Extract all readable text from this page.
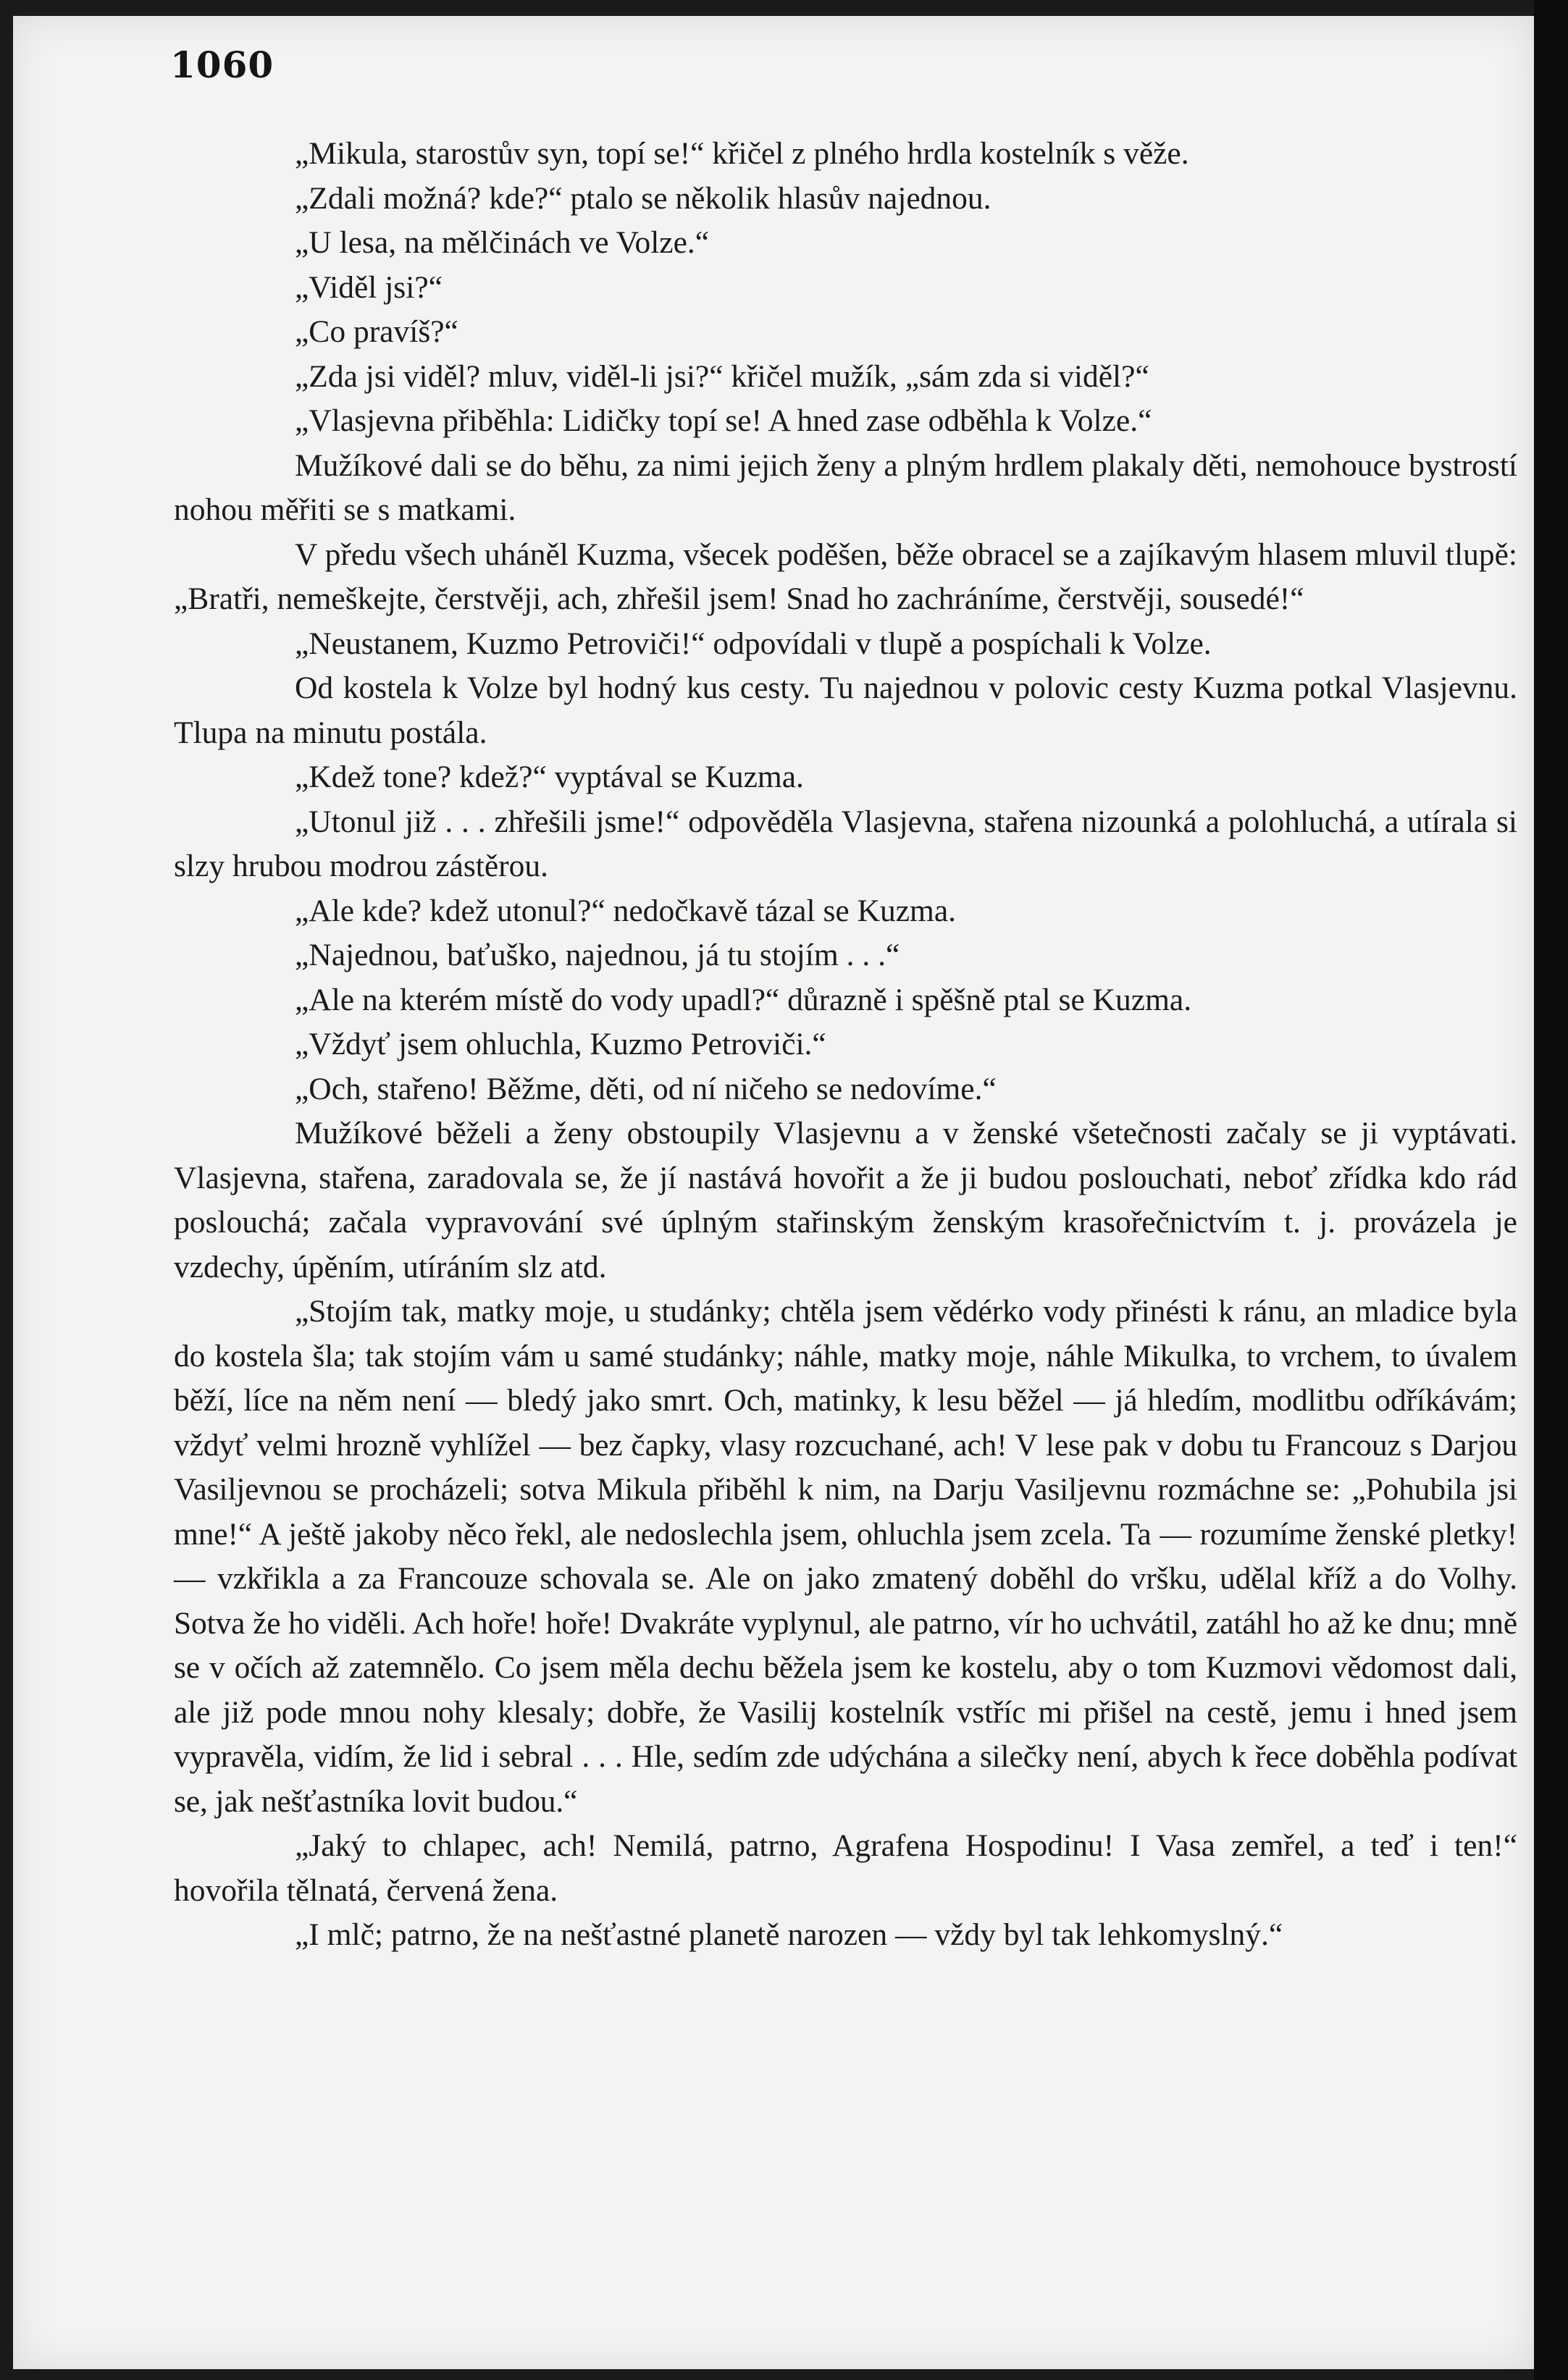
1060

„Mikula, starostův syn, topí se!“ křičel z plného hrdla kostelník s věže.

„Zdali možná? kde?“ ptalo se několik hlasův najednou.

„U lesa, na mělčinách ve Volze.“

„Viděl jsi?“

„Co pravíš?“

„Zda jsi viděl? mluv, viděl-li jsi?“ křičel mužík, „sám zda si viděl?“

„Vlasjevna přiběhla: Lidičky topí se! A hned zase odběhla k Volze.“

Mužíkové dali se do běhu, za nimi jejich ženy a plným hrdlem plakaly děti, nemohouce bystrostí nohou měřiti se s matkami.

V předu všech uháněl Kuzma, všecek poděšen, běže obracel se a zajíkavým hlasem mluvil tlupě: „Bratři, nemeškejte, čerstvěji, ach, zhřešil jsem! Snad ho zachráníme, čerstvěji, sousedé!“

„Neustanem, Kuzmo Petroviči!“ odpovídali v tlupě a pospíchali k Volze.

Od kostela k Volze byl hodný kus cesty. Tu najednou v polovic cesty Kuzma potkal Vlasjevnu. Tlupa na minutu postála.

„Kdež tone? kdež?“ vyptával se Kuzma.

„Utonul již . . . zhřešili jsme!“ odpověděla Vlasjevna, stařena nizounká a polohluchá, a utírala si slzy hrubou modrou zástěrou.

„Ale kde? kdež utonul?“ nedočkavě tázal se Kuzma.

„Najednou, baťuško, najednou, já tu stojím . . .“

„Ale na kterém místě do vody upadl?“ důrazně i spěšně ptal se Kuzma.

„Vždyť jsem ohluchla, Kuzmo Petroviči.“

„Och, stařeno! Běžme, děti, od ní ničeho se nedovíme.“

Mužíkové běželi a ženy obstoupily Vlasjevnu a v ženské všetečnosti začaly se ji vyptávati. Vlasjevna, stařena, zaradovala se, že jí nastává hovořit a že ji budou poslouchati, neboť zřídka kdo rád poslouchá; začala vypravování své úplným stařinským ženským krasořečnictvím t. j. provázela je vzdechy, úpěním, utíráním slz atd.

„Stojím tak, matky moje, u studánky; chtěla jsem vědérko vody přinésti k ránu, an mladice byla do kostela šla; tak stojím vám u samé studánky; náhle, matky moje, náhle Mikulka, to vrchem, to úvalem běží, líce na něm není — bledý jako smrt. Och, matinky, k lesu běžel — já hledím, modlitbu odříkávám; vždyť velmi hrozně vyhlížel — bez čapky, vlasy rozcuchané, ach! V lese pak v dobu tu Francouz s Darjou Vasiljevnou se procházeli; sotva Mikula přiběhl k nim, na Darju Vasiljevnu rozmáchne se: „Pohubila jsi mne!“ A ještě jakoby něco řekl, ale nedoslechla jsem, ohluchla jsem zcela. Ta — rozumíme ženské pletky! — vzkřikla a za Francouze schovala se. Ale on jako zmatený doběhl do vršku, udělal kříž a do Volhy. Sotva že ho viděli. Ach hoře! hoře! Dvakráte vyplynul, ale patrno, vír ho uchvátil, zatáhl ho až ke dnu; mně se v očích až zatemnělo. Co jsem měla dechu běžela jsem ke kostelu, aby o tom Kuzmovi vědomost dali, ale již pode mnou nohy klesaly; dobře, že Vasilij kostelník vstříc mi přišel na cestě, jemu i hned jsem vypravěla, vidím, že lid i sebral . . . Hle, sedím zde udýchána a silečky není, abych k řece doběhla podívat se, jak nešťastníka lovit budou.“

„Jaký to chlapec, ach! Nemilá, patrno, Agrafena Hospodinu! I Vasa zemřel, a teď i ten!“ hovořila tělnatá, červená žena.

„I mlč; patrno, že na nešťastné planetě narozen — vždy byl tak lehkomyslný.“
